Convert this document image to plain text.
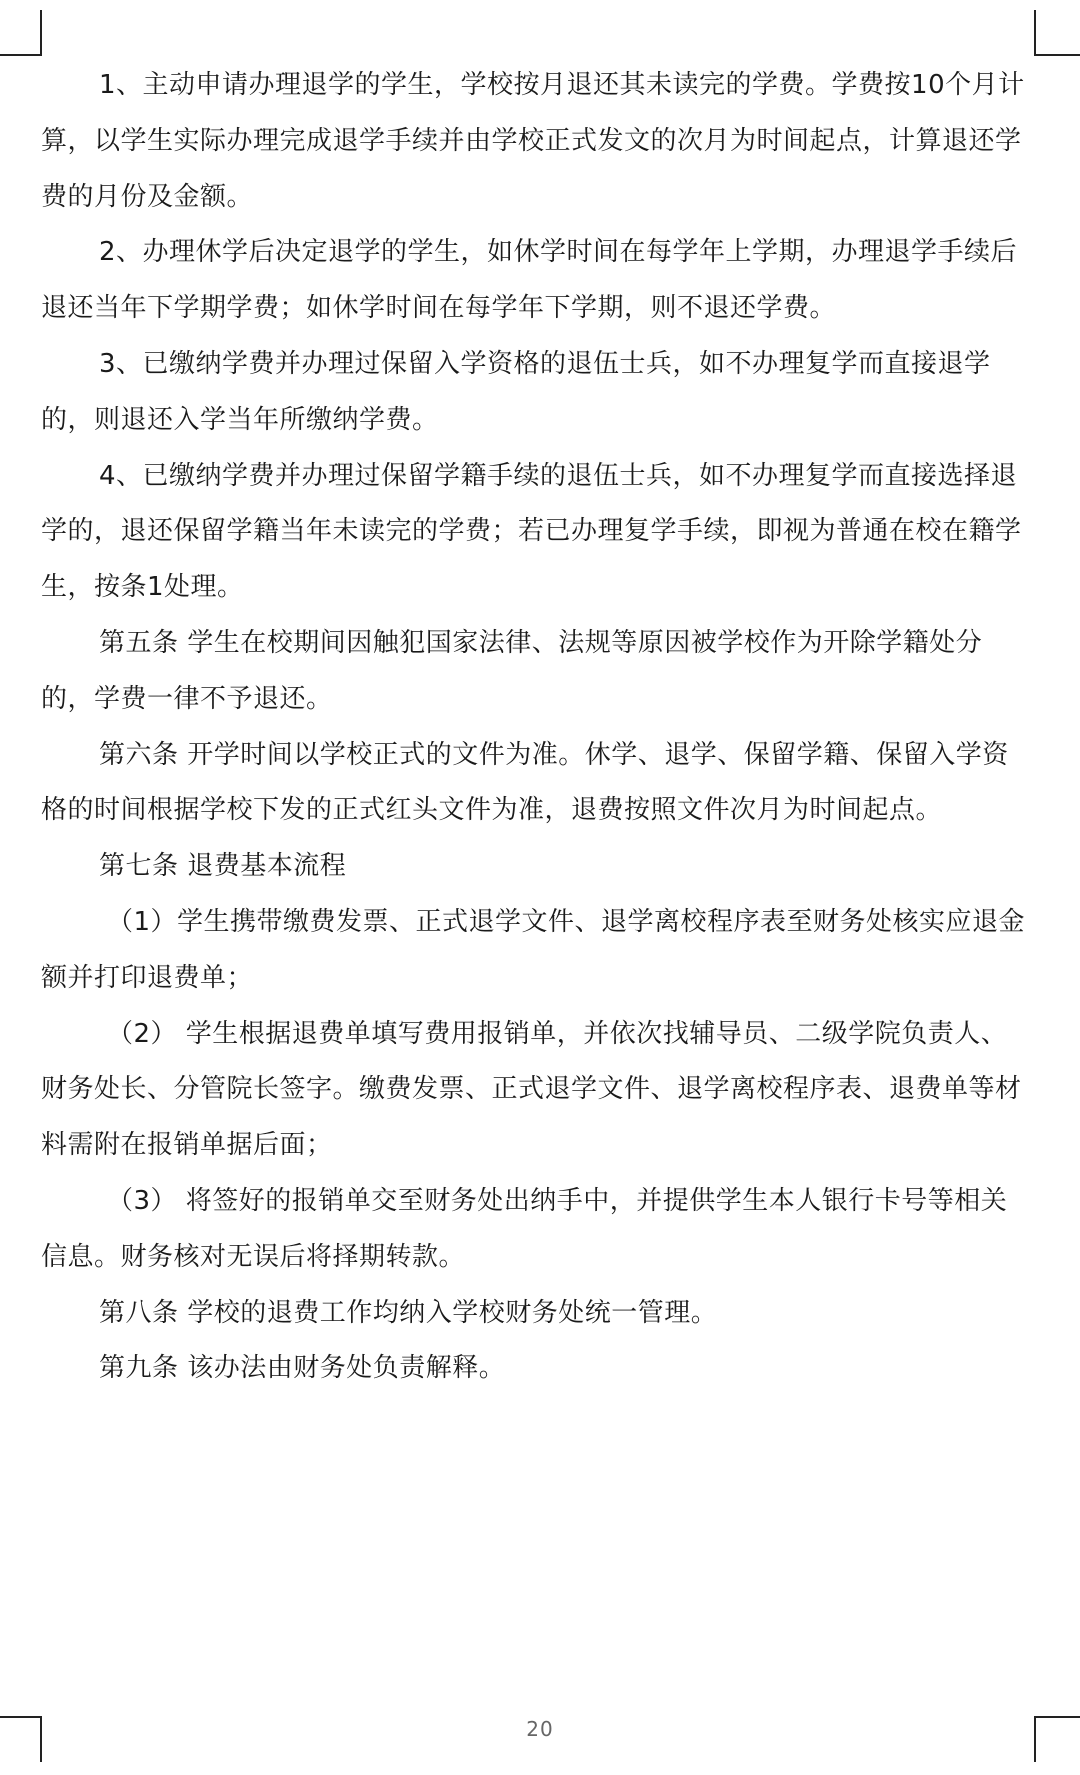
1、主动申请办理退学的学生，学校按月退还其未读完的学费。学费按10个月计算，以学生实际办理完成退学手续并由学校正式发文的次月为时间起点，计算退还学费的月份及金额。

2、办理休学后决定退学的学生，如休学时间在每学年上学期，办理退学手续后退还当年下学期学费；如休学时间在每学年下学期，则不退还学费。

3、已缴纳学费并办理过保留入学资格的退伍士兵，如不办理复学而直接退学的，则退还入学当年所缴纳学费。

4、已缴纳学费并办理过保留学籍手续的退伍士兵，如不办理复学而直接选择退学的，退还保留学籍当年未读完的学费；若已办理复学手续，即视为普通在校在籍学生，按条1处理。

第五条 学生在校期间因触犯国家法律、法规等原因被学校作为开除学籍处分的，学费一律不予退还。

第六条 开学时间以学校正式的文件为准。休学、退学、保留学籍、保留入学资格的时间根据学校下发的正式红头文件为准，退费按照文件次月为时间起点。

第七条 退费基本流程

（1）学生携带缴费发票、正式退学文件、退学离校程序表至财务处核实应退金额并打印退费单；

（2） 学生根据退费单填写费用报销单，并依次找辅导员、二级学院负责人、财务处长、分管院长签字。缴费发票、正式退学文件、退学离校程序表、退费单等材料需附在报销单据后面；

（3） 将签好的报销单交至财务处出纳手中，并提供学生本人银行卡号等相关信息。财务核对无误后将择期转款。

第八条 学校的退费工作均纳入学校财务处统一管理。

第九条 该办法由财务处负责解释。

20
